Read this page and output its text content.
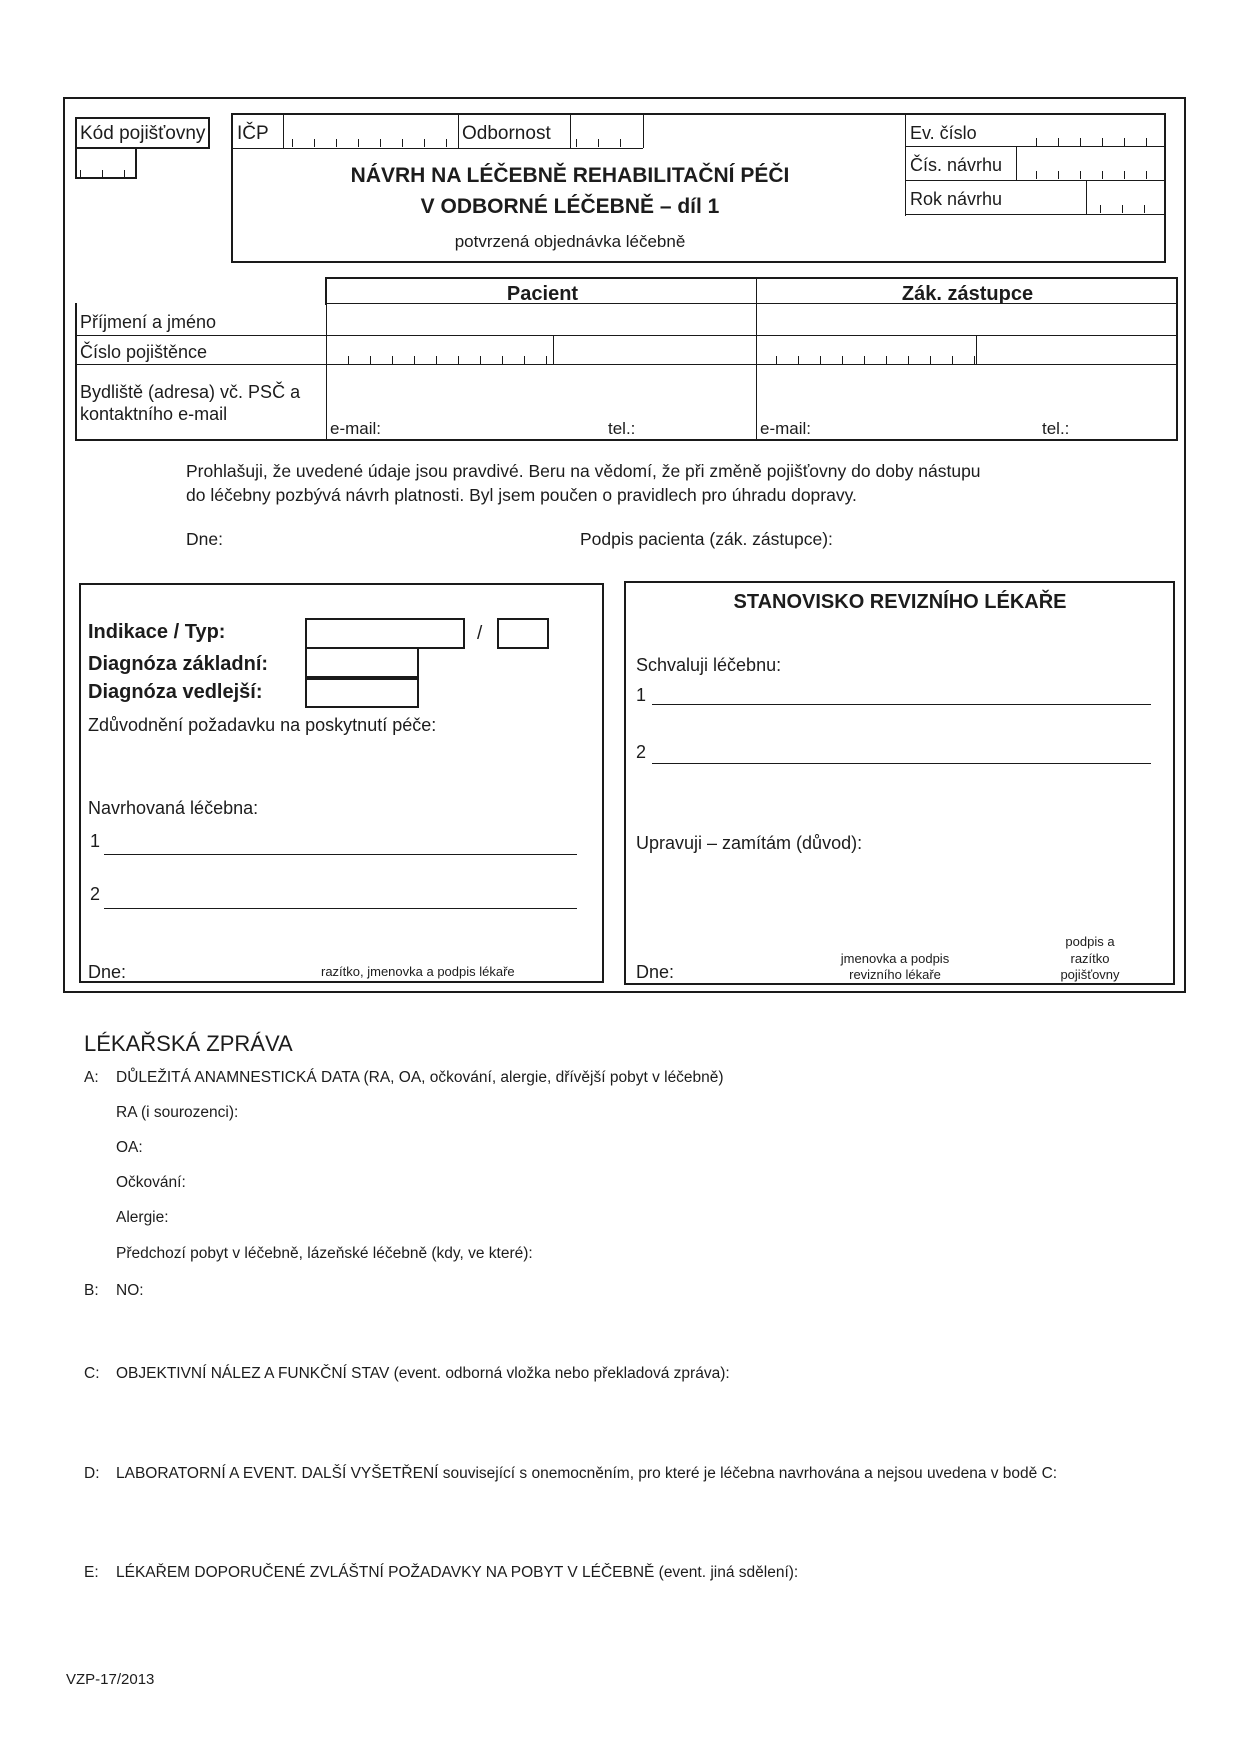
Kód pojišťovny IČP	Odbornost
NÁVRH NA LÉČEBNĚ REHABILITAČNÍ PÉČI
V ODBORNÉ LÉČEBNĚ – díl 1
potvrzená objednávka léčebně
Ev. číslo
Čís. návrhu
Rok návrhu
Pacient	Zák. zástupce
Příjmení a jméno
Číslo pojištěnce
Bydliště (adresa) vč. PSČ a
kontaktního e-mail
e-mail:	tel.:	e-mail:	tel.:
Prohlašuji, že uvedené údaje jsou pravdivé. Beru na vědomí, že při změně pojišťovny do doby nástupu
do léčebny pozbývá návrh platnosti. Byl jsem poučen o pravidlech pro úhradu dopravy.
Dne:	Podpis pacienta (zák. zástupce):
Indikace / Typ:	/
Diagnóza základní:
Diagnóza vedlejší:
Zdůvodnění požadavku na poskytnutí péče:
Navrhovaná léčebna:
1
2
Dne:	razítko, jmenovka a podpis lékaře
STANOVISKO REVIZNÍHO LÉKAŘE
Schvaluji léčebnu:
1
2
Upravuji – zamítám (důvod):
Dne:
jmenovka a podpis
revizního lékaře
podpis a
razítko
pojišťovny
LÉKAŘSKÁ ZPRÁVA
A: DŮLEŽITÁ ANAMNESTICKÁ DATA (RA, OA, očkování, alergie, dřívější pobyt v léčebně)
RA (i sourozenci):
OA:
Očkování:
Alergie:
Předchozí pobyt v léčebně, lázeňské léčebně (kdy, ve které):
B: NO:
C: OBJEKTIVNÍ NÁLEZ A FUNKČNÍ STAV (event. odborná vložka nebo překladová zpráva):
D: LABORATORNÍ A EVENT. DALŠÍ VYŠETŘENÍ související s onemocněním, pro které je léčebna navrhována a nejsou uvedena v bodě C:
E: LÉKAŘEM DOPORUČENÉ ZVLÁŠTNÍ POŽADAVKY NA POBYT V LÉČEBNĚ (event. jiná sdělení):
VZP-17/2013
